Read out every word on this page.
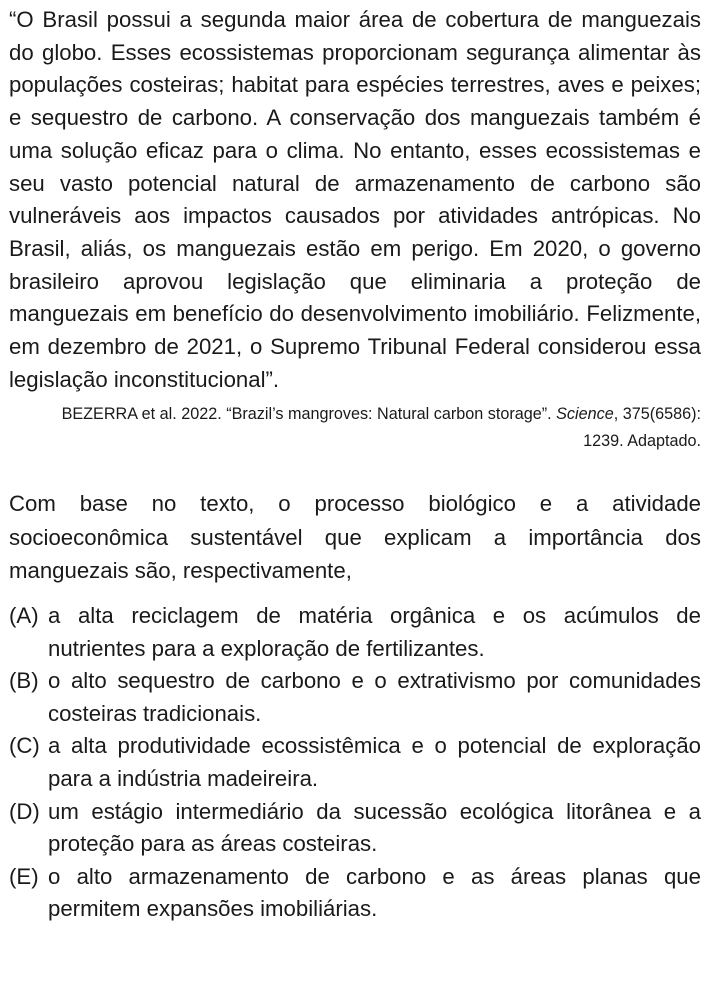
“O Brasil possui a segunda maior área de cobertura de manguezais do globo. Esses ecossistemas proporcionam segurança alimentar às populações costeiras; habitat para espécies terrestres, aves e peixes; e sequestro de carbono. A conservação dos manguezais também é uma solução eficaz para o clima. No entanto, esses ecossistemas e seu vasto potencial natural de armazenamento de carbono são vulneráveis aos impactos causados por atividades antrópicas. No Brasil, aliás, os manguezais estão em perigo. Em 2020, o governo brasileiro aprovou legislação que eliminaria a proteção de manguezais em benefício do desenvolvimento imobiliário. Felizmente, em dezembro de 2021, o Supremo Tribunal Federal considerou essa legislação inconstitucional”.

BEZERRA et al. 2022. “Brazil’s mangroves: Natural carbon storage”. Science, 375(6586): 1239. Adaptado.

Com base no texto, o processo biológico e a atividade socioeconômica sustentável que explicam a importância dos manguezais são, respectivamente,

(A) a alta reciclagem de matéria orgânica e os acúmulos de nutrientes para a exploração de fertilizantes.
(B) o alto sequestro de carbono e o extrativismo por comunidades costeiras tradicionais.
(C) a alta produtividade ecossistêmica e o potencial de exploração para a indústria madeireira.
(D) um estágio intermediário da sucessão ecológica litorânea e a proteção para as áreas costeiras.
(E) o alto armazenamento de carbono e as áreas planas que permitem expansões imobiliárias.
